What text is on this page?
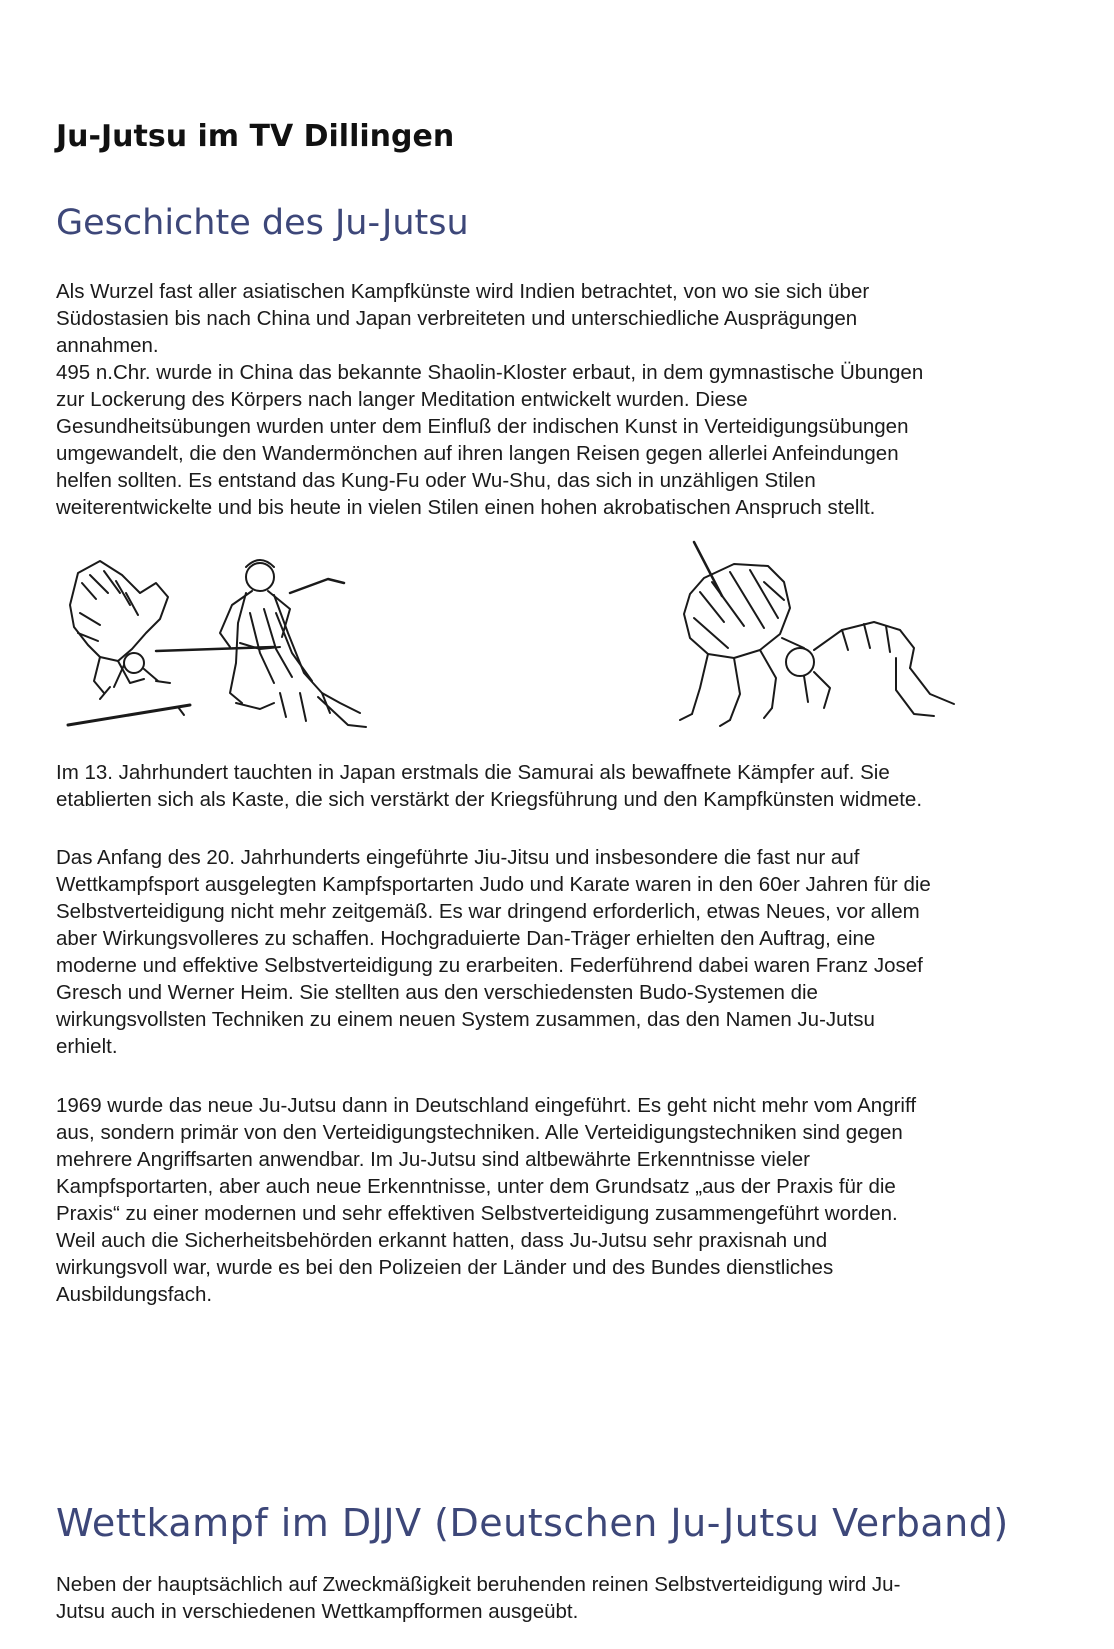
Ju-Jutsu im TV Dillingen
Geschichte des Ju-Jutsu

Als Wurzel fast aller asiatischen Kampfkünste wird Indien betrachtet, von wo sie sich über
Südostasien bis nach China und Japan verbreiteten und unterschiedliche Ausprägungen
annahmen.
495 n.Chr. wurde in China das bekannte Shaolin-Kloster erbaut, in dem gymnastische Übungen
zur Lockerung des Körpers nach langer Meditation entwickelt wurden. Diese
Gesundheitsübungen wurden unter dem Einfluß der indischen Kunst in Verteidigungsübungen
umgewandelt, die den Wandermönchen auf ihren langen Reisen gegen allerlei Anfeindungen
helfen sollten. Es entstand das Kung-Fu oder Wu-Shu, das sich in unzähligen Stilen
weiterentwickelte und bis heute in vielen Stilen einen hohen akrobatischen Anspruch stellt.

Im 13. Jahrhundert tauchten in Japan erstmals die Samurai als bewaffnete Kämpfer auf. Sie
etablierten sich als Kaste, die sich verstärkt der Kriegsführung und den Kampfkünsten widmete.

Das Anfang des 20. Jahrhunderts eingeführte Jiu-Jitsu und insbesondere die fast nur auf
Wettkampfsport ausgelegten Kampfsportarten Judo und Karate waren in den 60er Jahren für die
Selbstverteidigung nicht mehr zeitgemäß. Es war dringend erforderlich, etwas Neues, vor allem
aber Wirkungsvolleres zu schaffen. Hochgraduierte Dan-Träger erhielten den Auftrag, eine
moderne und effektive Selbstverteidigung zu erarbeiten. Federführend dabei waren Franz Josef
Gresch und Werner Heim. Sie stellten aus den verschiedensten Budo-Systemen die
wirkungsvollsten Techniken zu einem neuen System zusammen, das den Namen Ju-Jutsu
erhielt.

1969 wurde das neue Ju-Jutsu dann in Deutschland eingeführt. Es geht nicht mehr vom Angriff
aus, sondern primär von den Verteidigungstechniken. Alle Verteidigungstechniken sind gegen
mehrere Angriffsarten anwendbar. Im Ju-Jutsu sind altbewährte Erkenntnisse vieler
Kampfsportarten, aber auch neue Erkenntnisse, unter dem Grundsatz „aus der Praxis für die
Praxis“ zu einer modernen und sehr effektiven Selbstverteidigung zusammengeführt worden.
Weil auch die Sicherheitsbehörden erkannt hatten, dass Ju-Jutsu sehr praxisnah und
wirkungsvoll war, wurde es bei den Polizeien der Länder und des Bundes dienstliches
Ausbildungsfach.

Wettkampf im DJJV (Deutschen Ju-Jutsu Verband)

Neben der hauptsächlich auf Zweckmäßigkeit beruhenden reinen Selbstverteidigung wird Ju-
Jutsu auch in verschiedenen Wettkampfformen ausgeübt.
